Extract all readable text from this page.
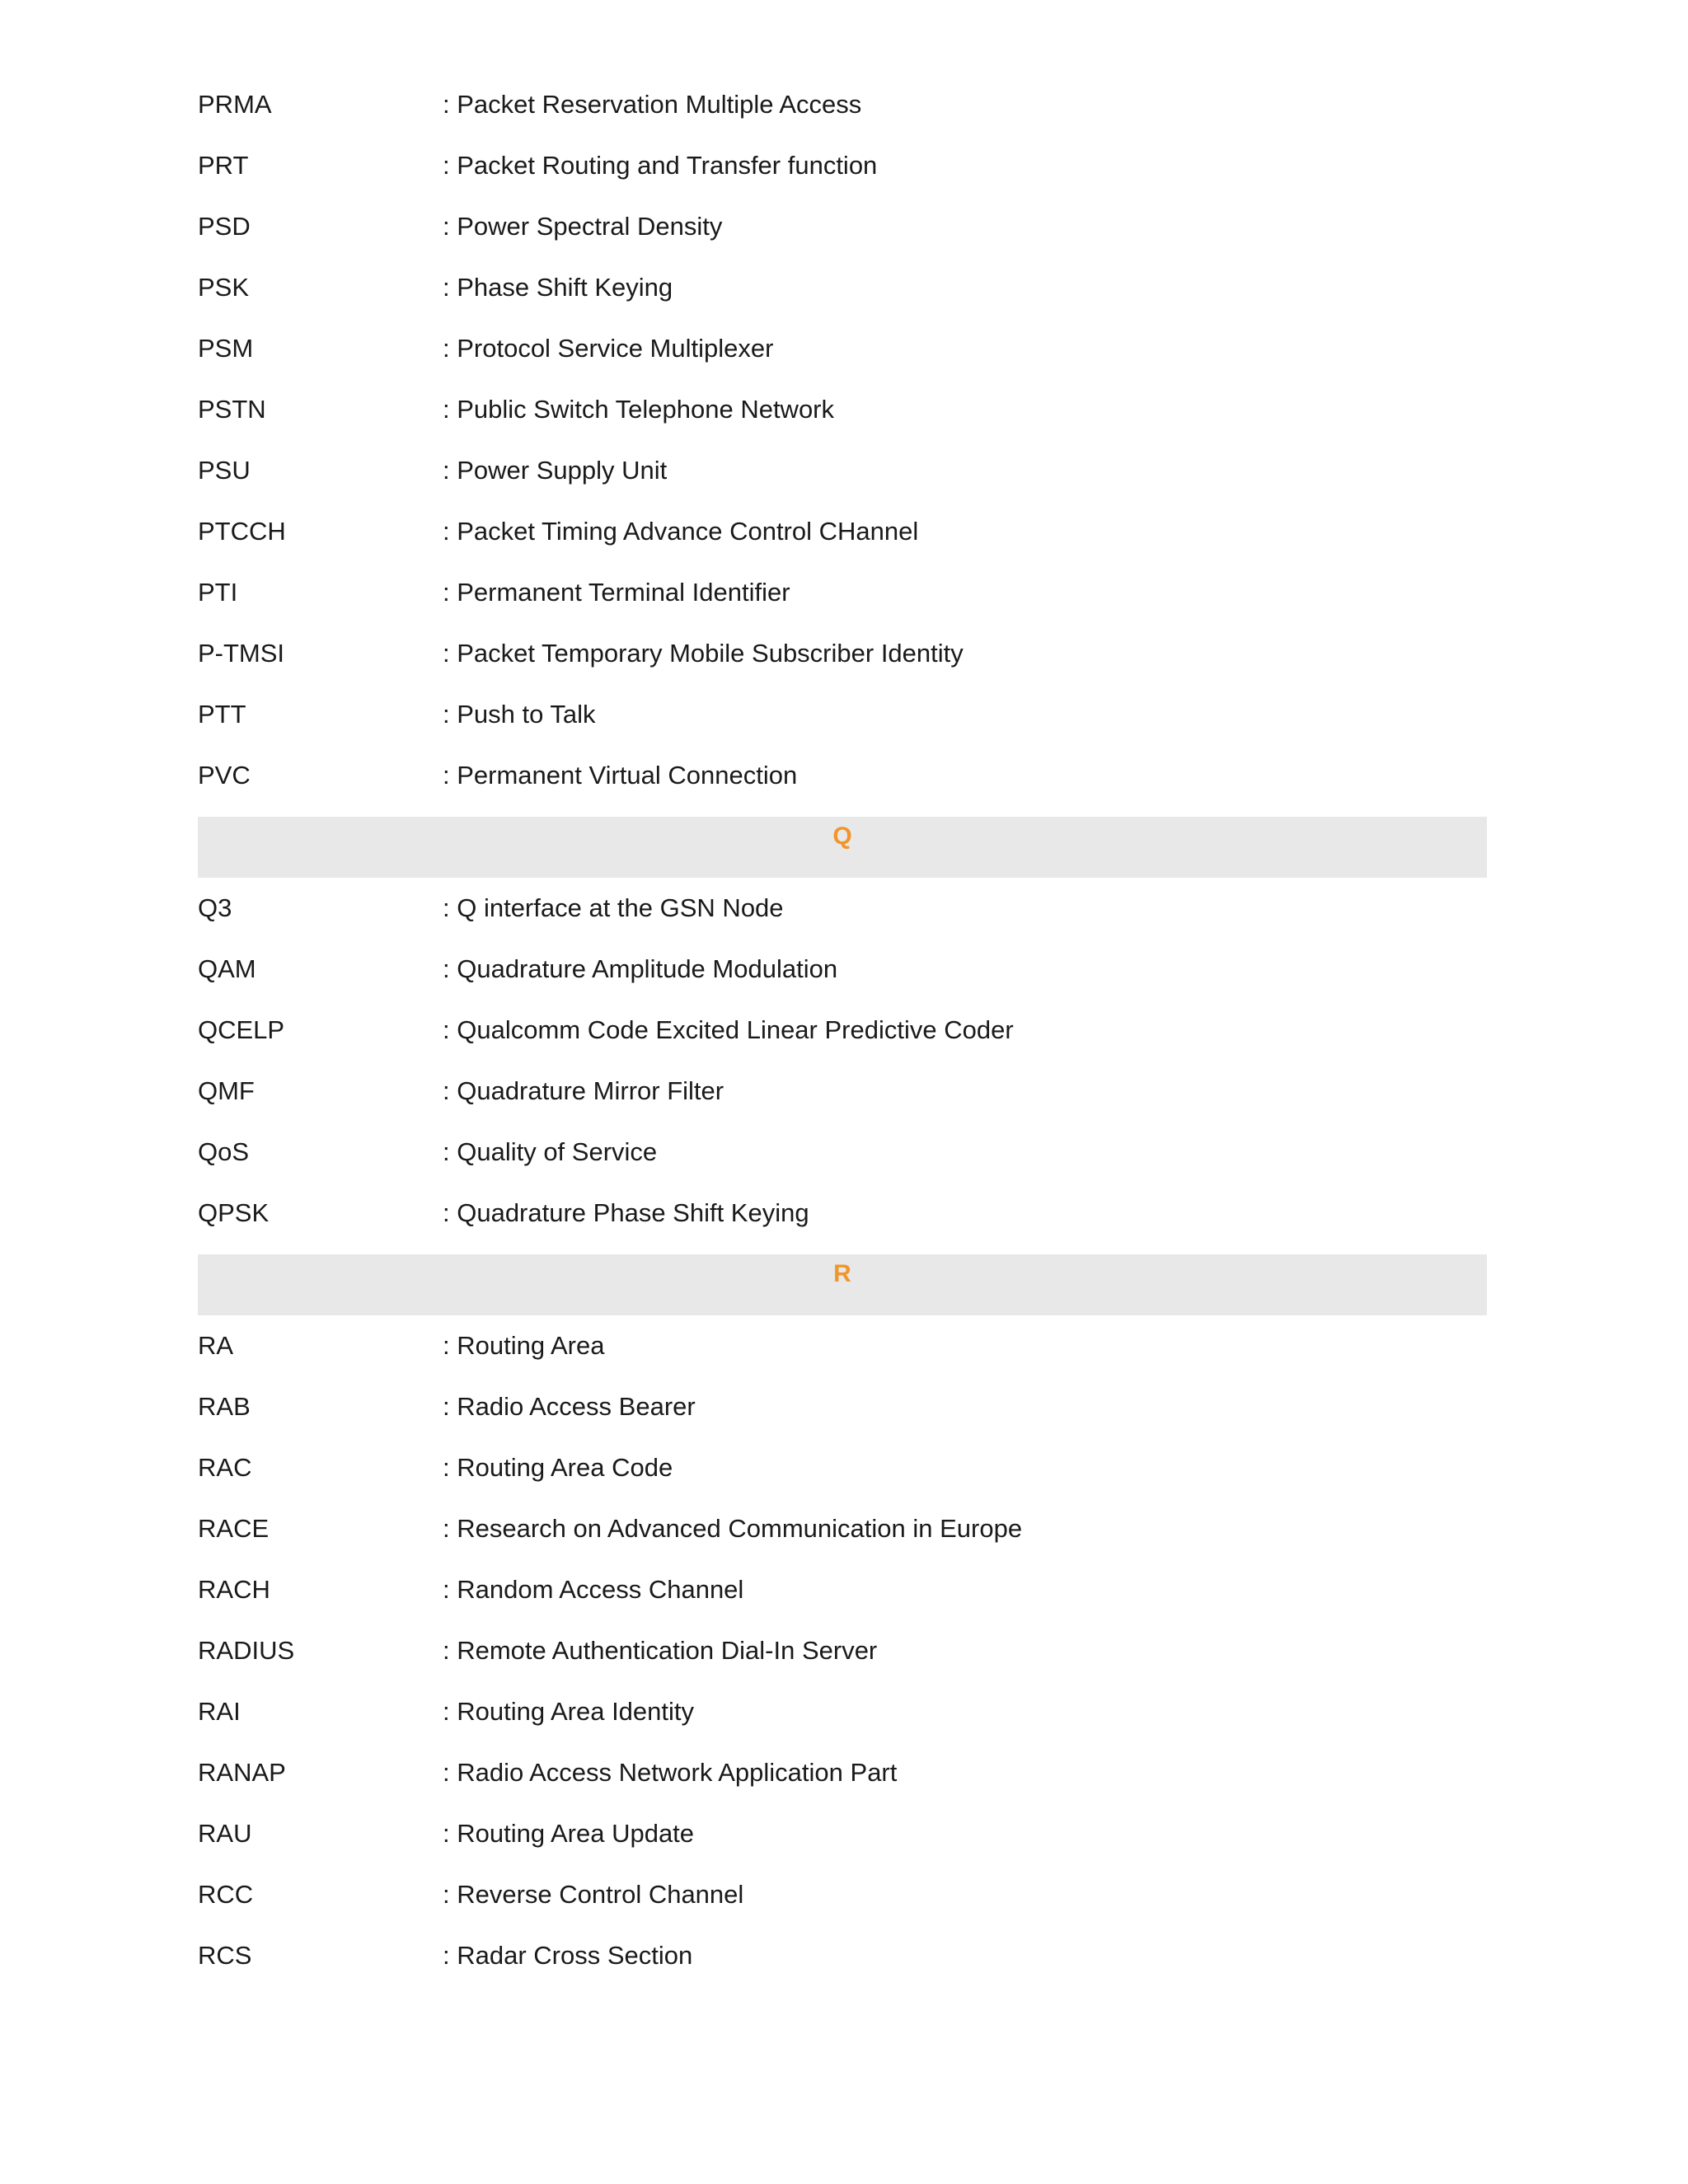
PRMA	: Packet Reservation Multiple Access
PRT	: Packet Routing and Transfer function
PSD	: Power Spectral Density
PSK	: Phase Shift Keying
PSM	: Protocol Service Multiplexer
PSTN	: Public Switch Telephone Network
PSU	: Power Supply Unit
PTCCH	: Packet Timing Advance Control CHannel
PTI	: Permanent Terminal Identifier
P-TMSI	: Packet Temporary Mobile Subscriber Identity
PTT	: Push to Talk
PVC	: Permanent Virtual Connection
Q
Q3	: Q interface at the GSN Node
QAM	: Quadrature Amplitude Modulation
QCELP	: Qualcomm Code Excited Linear Predictive Coder
QMF	: Quadrature Mirror Filter
QoS	: Quality of Service
QPSK	: Quadrature Phase Shift Keying
R
RA	: Routing Area
RAB	: Radio Access Bearer
RAC	: Routing Area Code
RACE	: Research on Advanced Communication in Europe
RACH	: Random Access Channel
RADIUS	: Remote Authentication Dial-In Server
RAI	: Routing Area Identity
RANAP	: Radio Access Network Application Part
RAU	: Routing Area Update
RCC	: Reverse Control Channel
RCS	: Radar Cross Section
